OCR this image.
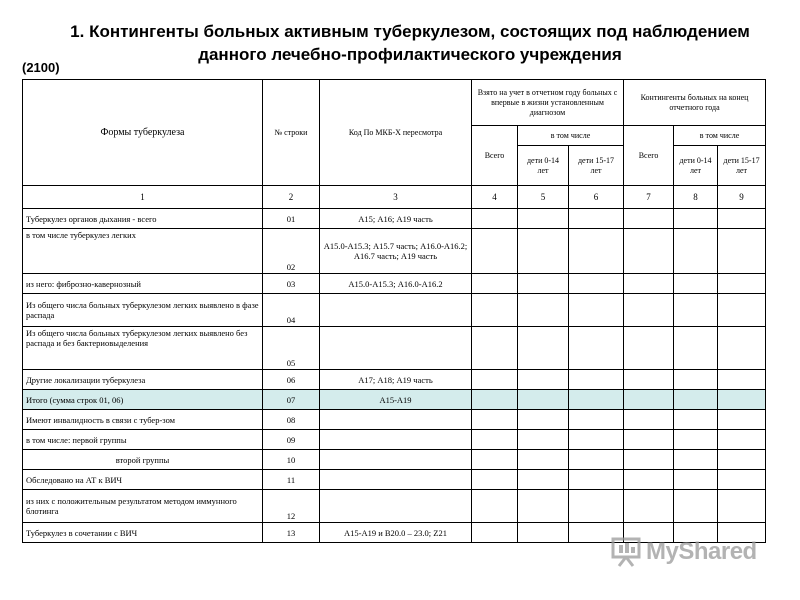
1. Контингенты больных активным туберкулезом, состоящих под наблюдением данного лечебно-профилактического учреждения
(2100)
Формы туберкулеза	№ строки	Код По МКБ-Х пересмотра	Взято на учет в отчетном году больных с впервые в жизни установленным диагнозом			Контингенты больных на конец отчетного года		
			Всего	в том числе		Всего	в том числе	
				дети 0-14 лет	дети 15-17 лет		дети 0-14 лет	дети 15-17 лет
1	2	3	4	5	6	7	8	9
Туберкулез органов дыхания - всего	01	А15; А16; А19 часть						
в том числе туберкулез легких	02	А15.0-А15.3; А15.7 часть; А16.0-А16.2; А16.7 часть; А19 часть						
из него: фиброзно-кавернозный	03	А15.0-А15.3; А16.0-А16.2						
Из общего числа больных туберкулезом легких выявлено в фазе распада	04							
Из общего числа больных туберкулезом легких выявлено без распада и без бактериовыделения	05							
Другие локализации туберкулеза	06	А17; А18; А19 часть						
Итого (сумма строк 01, 06)	07	А15-А19						
Имеют инвалидность в связи с тубер-зом	08							
в том числе: первой группы	09							
второй группы	10							
Обследовано на АТ к ВИЧ	11							
из них с положительным результатом методом иммунного блотинга	12							
Туберкулез в сочетании с ВИЧ	13	А15-А19 и В20.0 – 23.0; Z21						
MyShared
